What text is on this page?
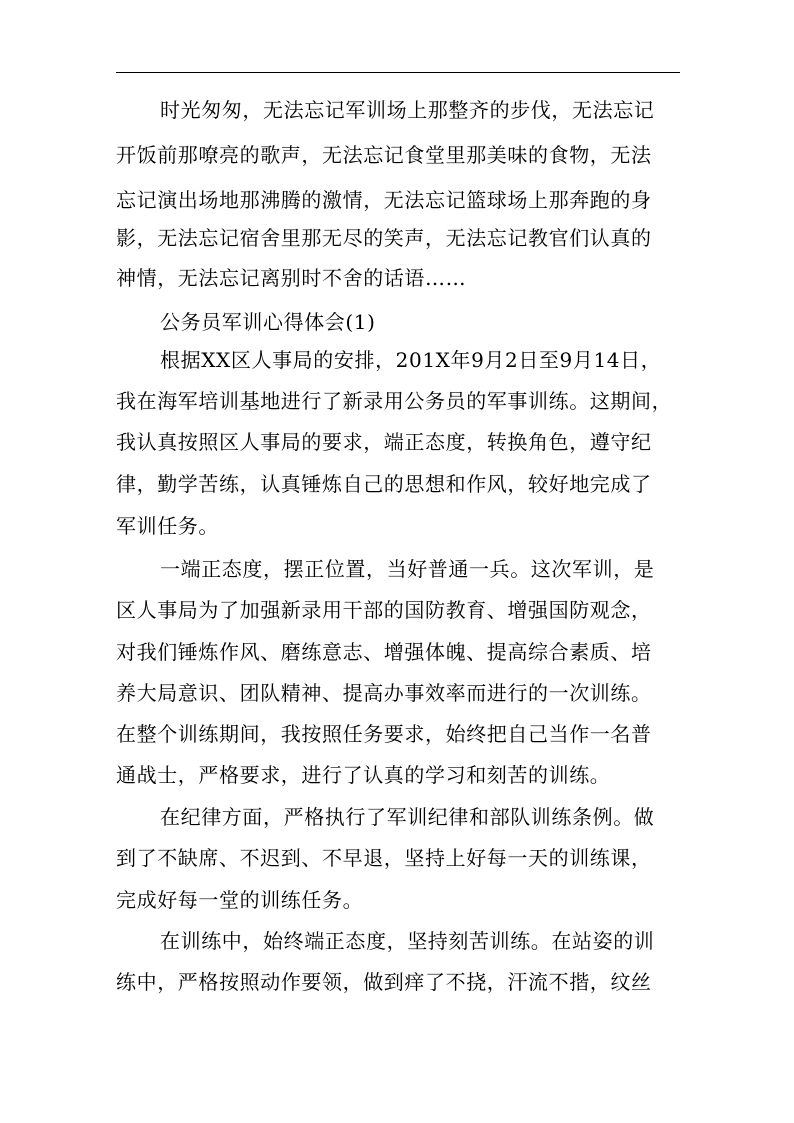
时光匆匆，无法忘记军训场上那整齐的步伐，无法忘记
开饭前那嘹亮的歌声，无法忘记食堂里那美味的食物，无法
忘记演出场地那沸腾的激情，无法忘记篮球场上那奔跑的身
影，无法忘记宿舍里那无尽的笑声，无法忘记教官们认真的
神情，无法忘记离别时不舍的话语……
公务员军训心得体会(1)
根据XX区人事局的安排，201X年9月2日至9月14日，
我在海军培训基地进行了新录用公务员的军事训练。这期间，
我认真按照区人事局的要求，端正态度，转换角色，遵守纪
律，勤学苦练，认真锤炼自己的思想和作风，较好地完成了
军训任务。
一端正态度，摆正位置，当好普通一兵。这次军训，是
区人事局为了加强新录用干部的国防教育、增强国防观念，
对我们锤炼作风、磨练意志、增强体魄、提高综合素质、培
养大局意识、团队精神、提高办事效率而进行的一次训练。
在整个训练期间，我按照任务要求，始终把自己当作一名普
通战士，严格要求，进行了认真的学习和刻苦的训练。
在纪律方面，严格执行了军训纪律和部队训练条例。做
到了不缺席、不迟到、不早退，坚持上好每一天的训练课，
完成好每一堂的训练任务。
在训练中，始终端正态度，坚持刻苦训练。在站姿的训
练中，严格按照动作要领，做到痒了不挠，汗流不揩，纹丝
